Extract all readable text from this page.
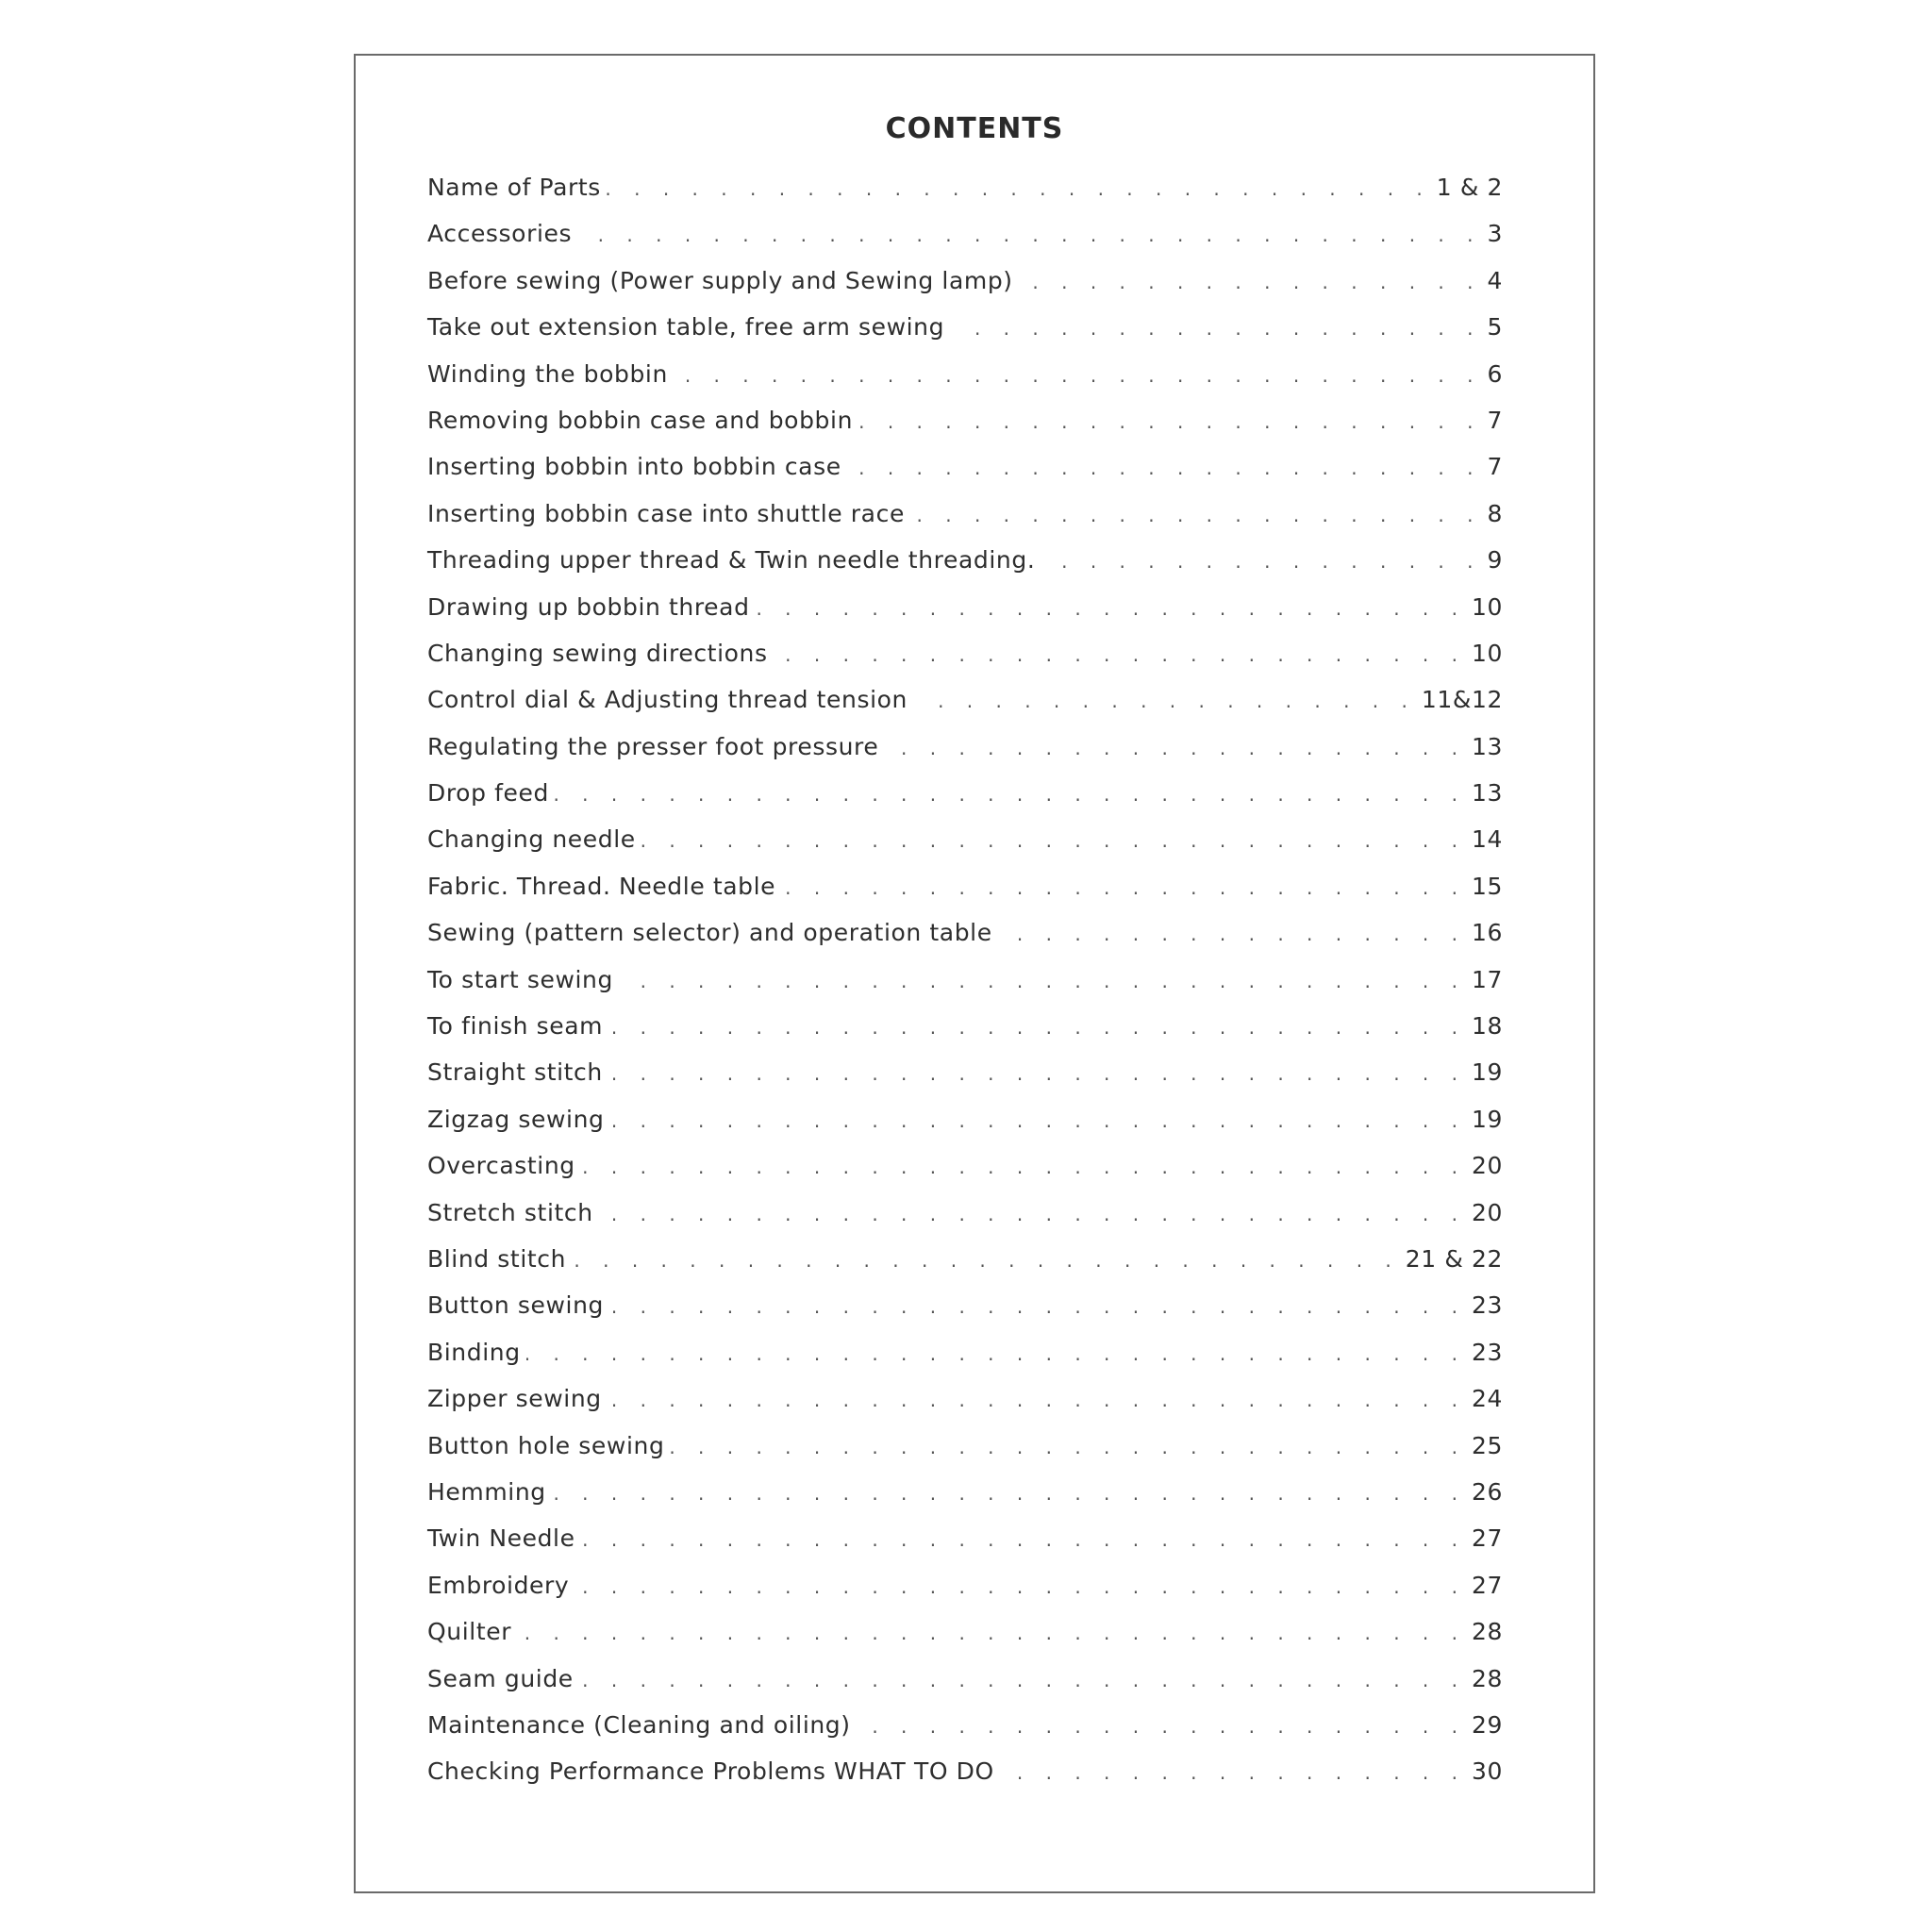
CONTENTS
Name of Parts . . .	1 & 2
Accessories . . .	3
Before sewing (Power supply and Sewing lamp) . . .	4
Take out extension table, free arm sewing . . .	5
Winding the bobbin . . .	6
Removing bobbin case and bobbin . . .	7
Inserting bobbin into bobbin case . . .	7
Inserting bobbin case into shuttle race . . .	8
Threading upper thread & Twin needle threading. . . .	9
Drawing up bobbin thread . . .	10
Changing sewing directions . . .	10
Control dial & Adjusting thread tension . . .	11&12
Regulating the presser foot pressure . . .	13
Drop feed . . .	13
Changing needle . . .	14
Fabric. Thread. Needle table . . .	15
Sewing (pattern selector) and operation table . . .	16
To start sewing . . .	17
To finish seam . . .	18
Straight stitch . . .	19
Zigzag sewing . . .	19
Overcasting . . .	20
Stretch stitch . . .	20
Blind stitch . . .	21 & 22
Button sewing . . .	23
Binding . . .	23
Zipper sewing . . .	24
Button hole sewing . . .	25
Hemming . . .	26
Twin Needle . . .	27
Embroidery . . .	27
Quilter . . .	28
Seam guide . . .	28
Maintenance (Cleaning and oiling) . . .	29
Checking Performance Problems WHAT TO DO . . .	30
